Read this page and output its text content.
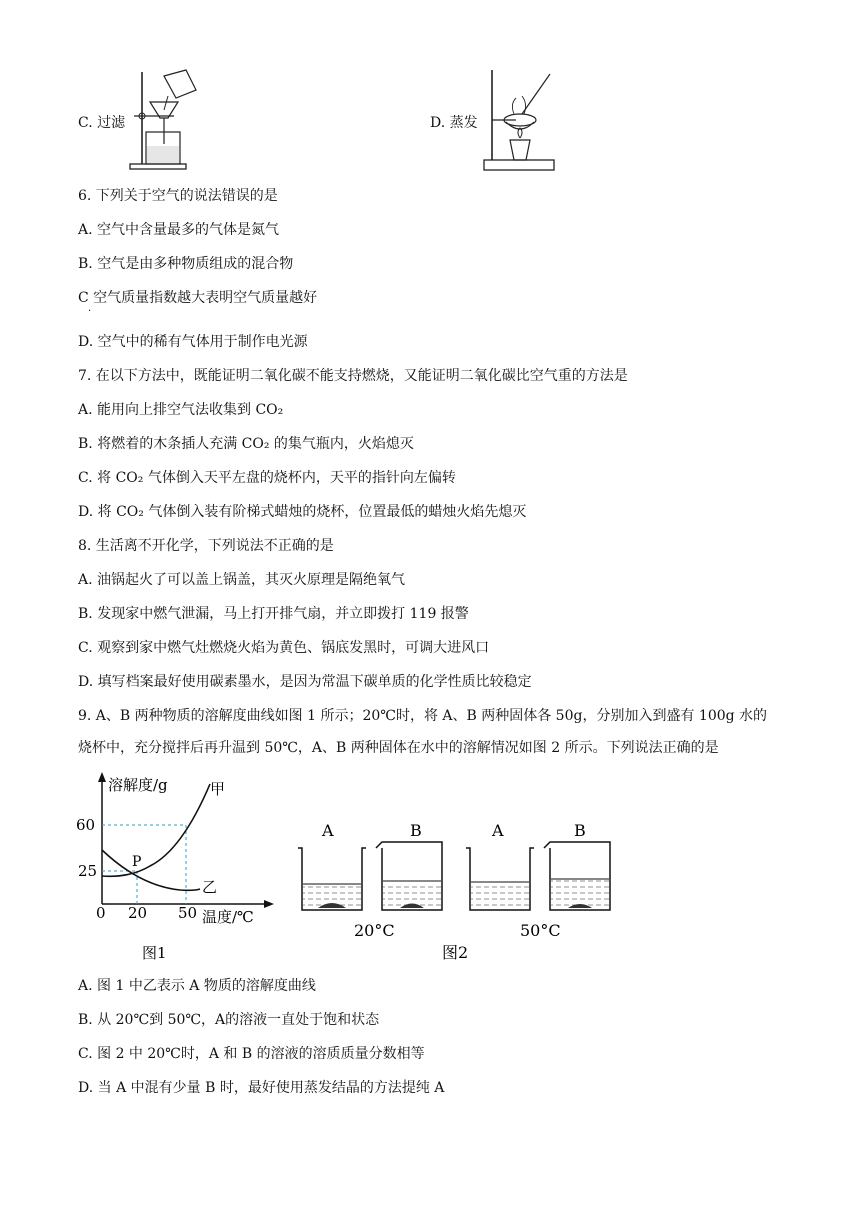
C. 过滤	D. 蒸发
6. 下列关于空气的说法错误的是
A. 空气中含量最多的气体是氮气
B. 空气是由多种物质组成的混合物
C 空气质量指数越大表明空气质量越好
·
D. 空气中的稀有气体用于制作电光源
7. 在以下方法中，既能证明二氧化碳不能支持燃烧，又能证明二氧化碳比空气重的方法是
A. 能用向上排空气法收集到 CO₂
B. 将燃着的木条插人充满 CO₂ 的集气瓶内，火焰熄灭
C. 将 CO₂ 气体倒入天平左盘的烧杯内，天平的指针向左偏转
D. 将 CO₂ 气体倒入装有阶梯式蜡烛的烧杯，位置最低的蜡烛火焰先熄灭
8. 生活离不开化学，下列说法不正确的是
A. 油锅起火了可以盖上锅盖，其灭火原理是隔绝氧气
B. 发现家中燃气泄漏，马上打开排气扇，并立即拨打 119 报警
C. 观察到家中燃气灶燃烧火焰为黄色、锅底发黑时，可调大进风口
D. 填写档案最好使用碳素墨水，是因为常温下碳单质的化学性质比较稳定
9. A、B 两种物质的溶解度曲线如图 1 所示；20℃时，将 A、B 两种固体各 50g，分别加入到盛有 100g 水的
烧杯中，充分搅拌后再升温到 50℃，A、B 两种固体在水中的溶解情况如图 2 所示。下列说法正确的是
溶解度/g	甲
乙
P
60
25
0 20 50 温度/℃
图1
A	B	A	B
20°C	50°C
图2
A. 图 1 中乙表示 A 物质的溶解度曲线
B. 从 20℃到 50℃，A的溶液一直处于饱和状态
C. 图 2 中 20℃时，A 和 B 的溶液的溶质质量分数相等
D. 当 A 中混有少量 B 时，最好使用蒸发结晶的方法提纯 A
